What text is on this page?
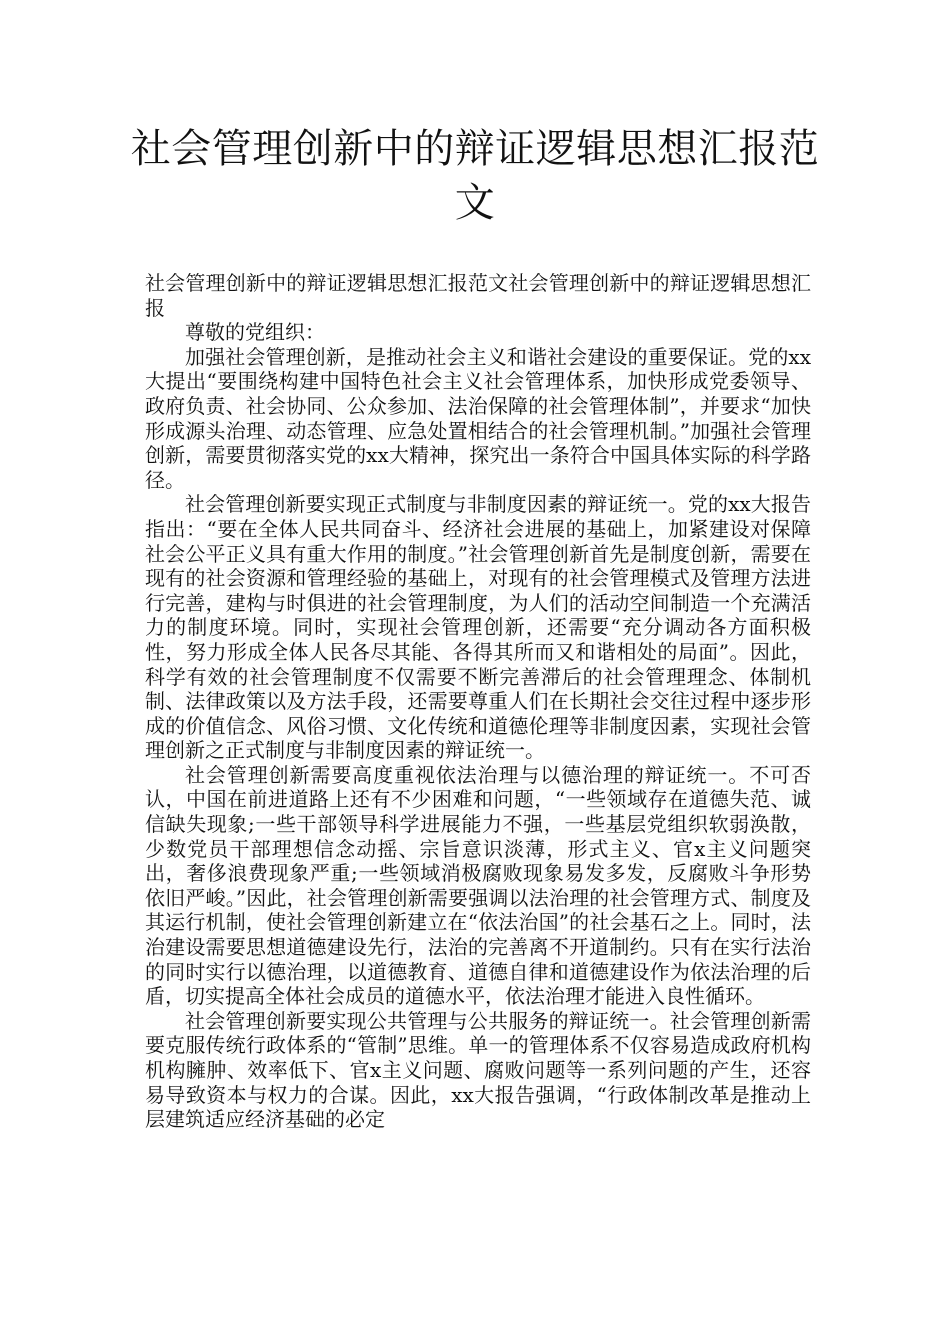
社会管理创新中的辩证逻辑思想汇报范文

社会管理创新中的辩证逻辑思想汇报范文社会管理创新中的辩证逻辑思想汇报

尊敬的党组织：

加强社会管理创新，是推动社会主义和谐社会建设的重要保证。党的xx大提出“要围绕构建中国特色社会主义社会管理体系，加快形成党委领导、政府负责、社会协同、公众参加、法治保障的社会管理体制”，并要求“加快形成源头治理、动态管理、应急处置相结合的社会管理机制。”加强社会管理创新，需要贯彻落实党的xx大精神，探究出一条符合中国具体实际的科学路径。

社会管理创新要实现正式制度与非制度因素的辩证统一。党的xx大报告指出：“要在全体人民共同奋斗、经济社会进展的基础上，加紧建设对保障社会公平正义具有重大作用的制度。”社会管理创新首先是制度创新，需要在现有的社会资源和管理经验的基础上，对现有的社会管理模式及管理方法进行完善，建构与时俱进的社会管理制度，为人们的活动空间制造一个充满活力的制度环境。同时，实现社会管理创新，还需要“充分调动各方面积极性，努力形成全体人民各尽其能、各得其所而又和谐相处的局面”。因此，科学有效的社会管理制度不仅需要不断完善滞后的社会管理理念、体制机制、法律政策以及方法手段，还需要尊重人们在长期社会交往过程中逐步形成的价值信念、风俗习惯、文化传统和道德伦理等非制度因素，实现社会管理创新之正式制度与非制度因素的辩证统一。

社会管理创新需要高度重视依法治理与以德治理的辩证统一。不可否认，中国在前进道路上还有不少困难和问题，“一些领域存在道德失范、诚信缺失现象;一些干部领导科学进展能力不强，一些基层党组织软弱涣散，少数党员干部理想信念动摇、宗旨意识淡薄，形式主义、官x主义问题突出，奢侈浪费现象严重;一些领域消极腐败现象易发多发，反腐败斗争形势依旧严峻。”因此，社会管理创新需要强调以法治理的社会管理方式、制度及其运行机制，使社会管理创新建立在“依法治国”的社会基石之上。同时，法治建设需要思想道德建设先行，法治的完善离不开道制约。只有在实行法治的同时实行以德治理，以道德教育、道德自律和道德建设作为依法治理的后盾，切实提高全体社会成员的道德水平，依法治理才能进入良性循环。

社会管理创新要实现公共管理与公共服务的辩证统一。社会管理创新需要克服传统行政体系的“管制”思维。单一的管理体系不仅容易造成政府机构机构臃肿、效率低下、官x主义问题、腐败问题等一系列问题的产生，还容易导致资本与权力的合谋。因此，xx大报告强调，“行政体制改革是推动上层建筑适应经济基础的必定
